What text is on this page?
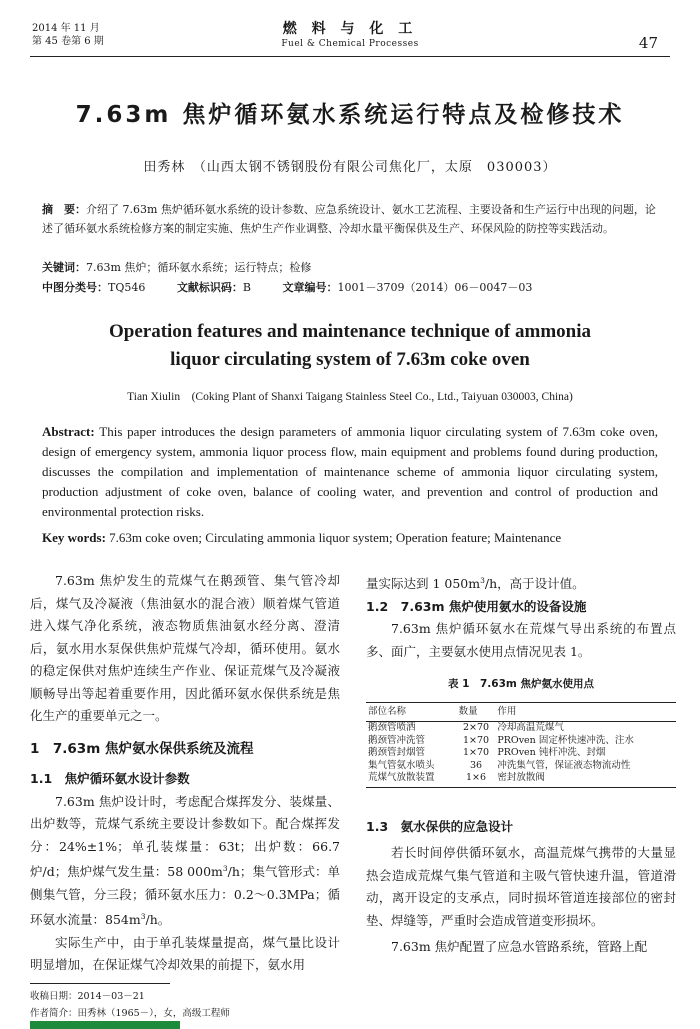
2014 年 11 月
第 45 卷第 6 期
燃 料 与 化 工
Fuel & Chemical Processes	47
7.63m 焦炉循环氨水系统运行特点及检修技术
田秀林　（山西太钢不锈钢股份有限公司焦化厂，太原　030003）
摘　要：介绍了 7.63m 焦炉循环氨水系统的设计参数、应急系统设计、氨水工艺流程、主要设备和生产运行中出现的问题，论述了循环氨水系统检修方案的制定实施、焦炉生产作业调整、冷却水量平衡保供及生产、环保风险的防控等实践活动。
关键词：7.63m 焦炉；循环氨水系统；运行特点；检修
中图分类号：TQ546	文献标识码：B	文章编号：1001－3709（2014）06－0047－03
Operation features and maintenance technique of ammonia
liquor circulating system of 7.63m coke oven
Tian Xiulin　(Coking Plant of Shanxi Taigang Stainless Steel Co., Ltd., Taiyuan 030003, China)
Abstract: This paper introduces the design parameters of ammonia liquor circulating system of 7.63m coke oven, design of emergency system, ammonia liquor process flow, main equipment and problems found during production, discusses the compilation and implementation of maintenance scheme of ammonia liquor circulating system, production adjustment of coke oven, balance of cooling water, and prevention and control of production and environmental protection risks.
Key words: 7.63m coke oven; Circulating ammonia liquor system; Operation feature; Maintenance

7.63m 焦炉发生的荒煤气在鹅颈管、集气管冷却后，煤气及冷凝液（焦油氨水的混合液）顺着煤气管道进入煤气净化系统，液态物质焦油氨水经分离、澄清后，氨水用水泵保供焦炉荒煤气冷却，循环使用。氨水的稳定保供对焦炉连续生产作业、保证荒煤气及冷凝液顺畅导出等起着重要作用，因此循环氨水保供系统是焦化生产的重要单元之一。

1　7.63m 焦炉氨水保供系统及流程

1.1　焦炉循环氨水设计参数

7.63m 焦炉设计时，考虑配合煤挥发分、装煤量、出炉数等，荒煤气系统主要设计参数如下。配合煤挥发分：24%±1%；单孔装煤量：63t；出炉数：66.7 炉/d；焦炉煤气发生量：58 $000m^3/h$；集气管形式：单侧集气管，分三段；循环氨水压力：0.2～0.3MPa；循环氨水流量：$854m^3/h$。

实际生产中，由于单孔装煤量提高，煤气量比设计明显增加，在保证煤气冷却效果的前提下，氨水用

量实际达到 1 $050m^3/h$，高于设计值。

1.2　7.63m 焦炉使用氨水的设备设施

7.63m 焦炉循环氨水在荒煤气导出系统的布置点多、面广，主要氨水使用点情况见表 1。

表 1　7.63m 焦炉氨水使用点

部位名称	数量	作用
鹅颈管喷洒	2×70	冷却高温荒煤气
鹅颈管冲洗管	1×70	PROven 固定杯快速冲洗、注水
鹅颈管封烟管	1×70	PROven 钝杆冲洗、封烟
集气管氨水喷头	36	冲洗集气管，保证液态物流动性
荒煤气放散装置	1×6	密封放散阀

1.3　氨水保供的应急设计

若长时间停供循环氨水，高温荒煤气携带的大量显热会造成荒煤气集气管道和主吸气管快速升温，管道滑动，离开设定的支承点，同时损坏管道连接部位的密封垫、焊缝等，严重时会造成管道变形损坏。

7.63m 焦炉配置了应急水管路系统，管路上配

收稿日期：2014－03－21
作者简介：田秀林（1965－），女，高级工程师
